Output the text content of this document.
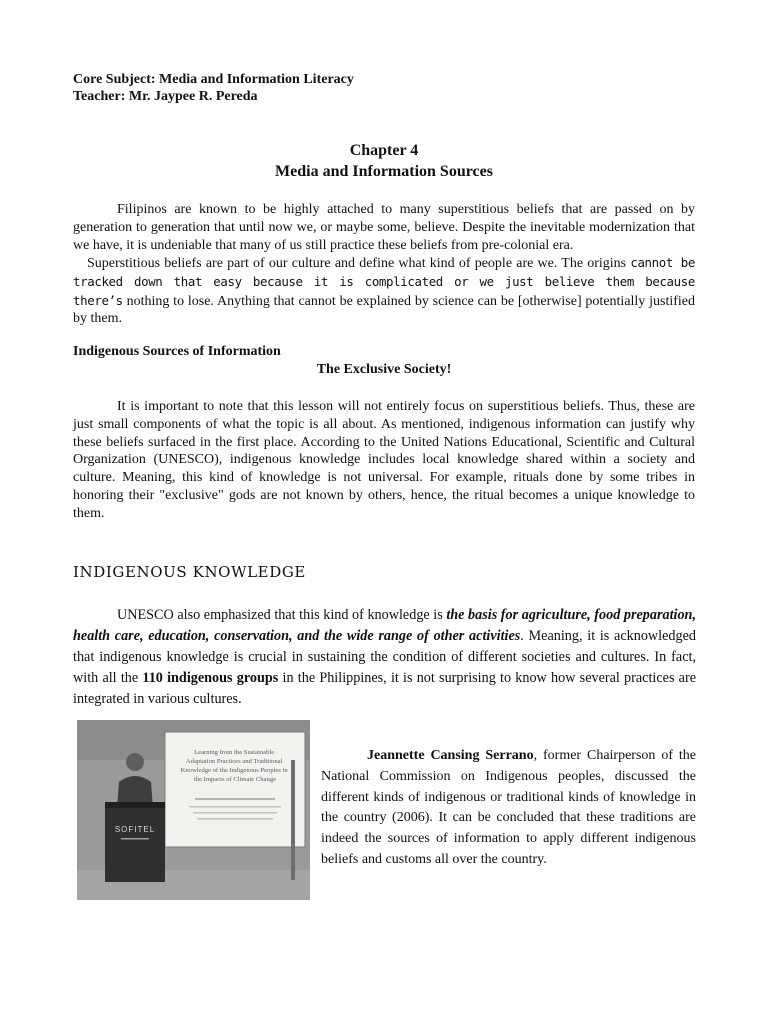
Core Subject: Media and Information Literacy
Teacher: Mr. Jaypee R. Pereda
Chapter 4
Media and Information Sources

Filipinos are known to be highly attached to many superstitious beliefs that are passed on by generation to generation that until now we, or maybe some, believe. Despite the inevitable modernization that we have, it is undeniable that many of us still practice these beliefs from pre-colonial era.

Superstitious beliefs are part of our culture and define what kind of people are we. The origins cannot be tracked down that easy because it is complicated or we just believe them because there’s nothing to lose. Anything that cannot be explained by science can be [otherwise] potentially justified by them.

Indigenous Sources of Information
The Exclusive Society!

It is important to note that this lesson will not entirely focus on superstitious beliefs. Thus, these are just small components of what the topic is all about. As mentioned, indigenous information can justify why these beliefs surfaced in the first place. According to the United Nations Educational, Scientific and Cultural Organization (UNESCO), indigenous knowledge includes local knowledge shared within a society and culture. Meaning, this kind of knowledge is not universal. For example, rituals done by some tribes in honoring their "exclusive" gods are not known by others, hence, the ritual becomes a unique knowledge to them.

INDIGENOUS KNOWLEDGE

UNESCO also emphasized that this kind of knowledge is the basis for agriculture, food preparation, health care, education, conservation, and the wide range of other activities. Meaning, it is acknowledged that indigenous knowledge is crucial in sustaining the condition of different societies and cultures. In fact, with all the 110 indigenous groups in the Philippines, it is not surprising to know how several practices are integrated in various cultures.

Learning from the Sustainable Adaptation Practices and Traditional Knowledge of the Indigenous Peoples in the Impacts of Climate Change
SOFITEL

Jeannette Cansing Serrano, former Chairperson of the National Commission on Indigenous peoples, discussed the different kinds of indigenous or traditional kinds of knowledge in the country (2006). It can be concluded that these traditions are indeed the sources of information to apply different indigenous beliefs and customs all over the country.
